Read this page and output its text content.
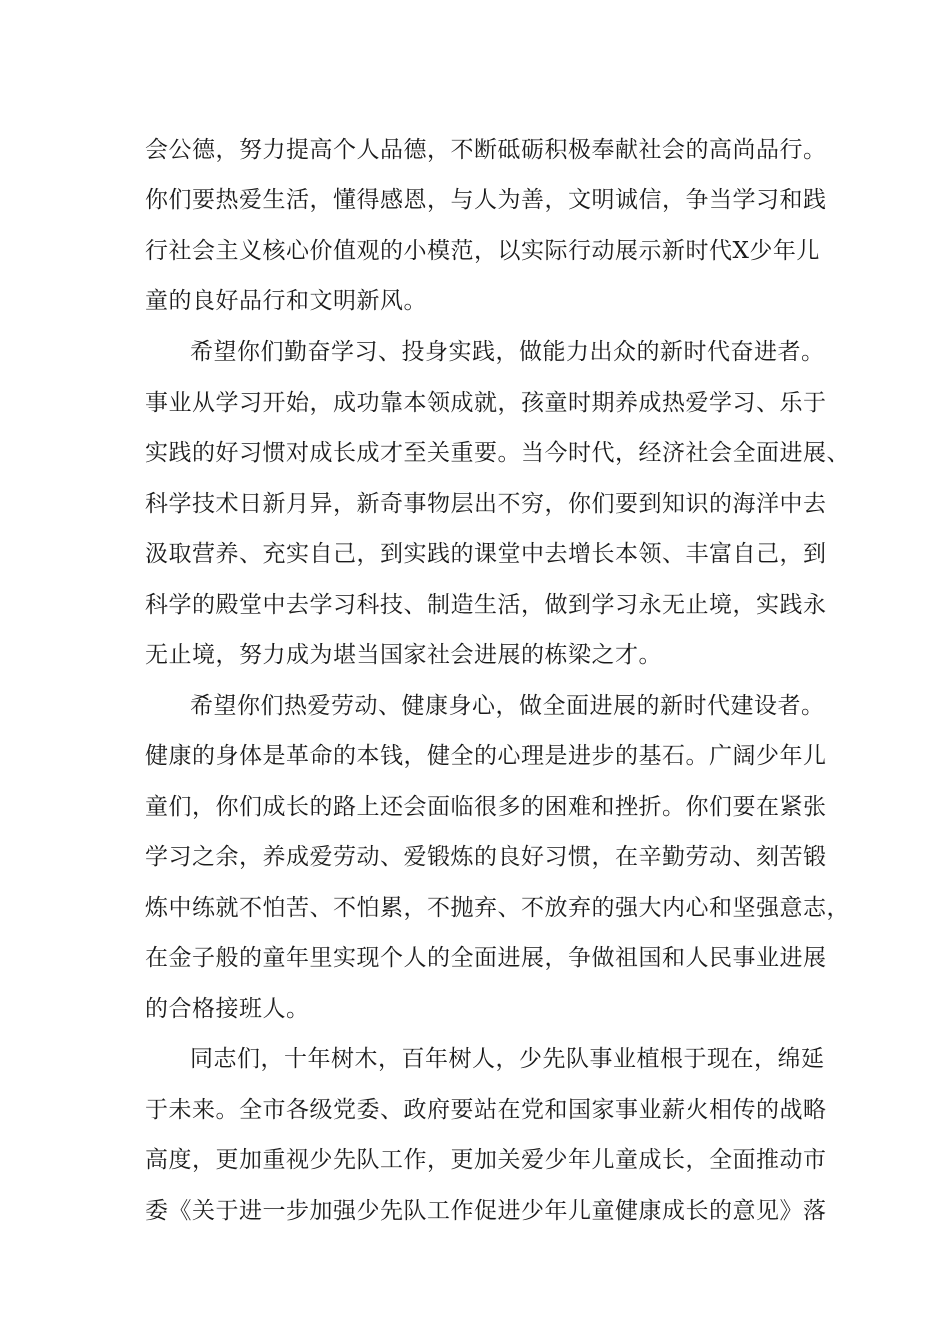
会公德，努力提高个人品德，不断砥砺积极奉献社会的高尚品行。
你们要热爱生活，懂得感恩，与人为善，文明诚信，争当学习和践
行社会主义核心价值观的小模范，以实际行动展示新时代X少年儿
童的良好品行和文明新风。
希望你们勤奋学习、投身实践，做能力出众的新时代奋进者。
事业从学习开始，成功靠本领成就，孩童时期养成热爱学习、乐于
实践的好习惯对成长成才至关重要。当今时代，经济社会全面进展、
科学技术日新月异，新奇事物层出不穷，你们要到知识的海洋中去
汲取营养、充实自己，到实践的课堂中去增长本领、丰富自己，到
科学的殿堂中去学习科技、制造生活，做到学习永无止境，实践永
无止境，努力成为堪当国家社会进展的栋梁之才。
希望你们热爱劳动、健康身心，做全面进展的新时代建设者。
健康的身体是革命的本钱，健全的心理是进步的基石。广阔少年儿
童们，你们成长的路上还会面临很多的困难和挫折。你们要在紧张
学习之余，养成爱劳动、爱锻炼的良好习惯，在辛勤劳动、刻苦锻
炼中练就不怕苦、不怕累，不抛弃、不放弃的强大内心和坚强意志，
在金子般的童年里实现个人的全面进展，争做祖国和人民事业进展
的合格接班人。
同志们，十年树木，百年树人，少先队事业植根于现在，绵延
于未来。全市各级党委、政府要站在党和国家事业薪火相传的战略
高度，更加重视少先队工作，更加关爱少年儿童成长，全面推动市
委《关于进一步加强少先队工作促进少年儿童健康成长的意见》落
